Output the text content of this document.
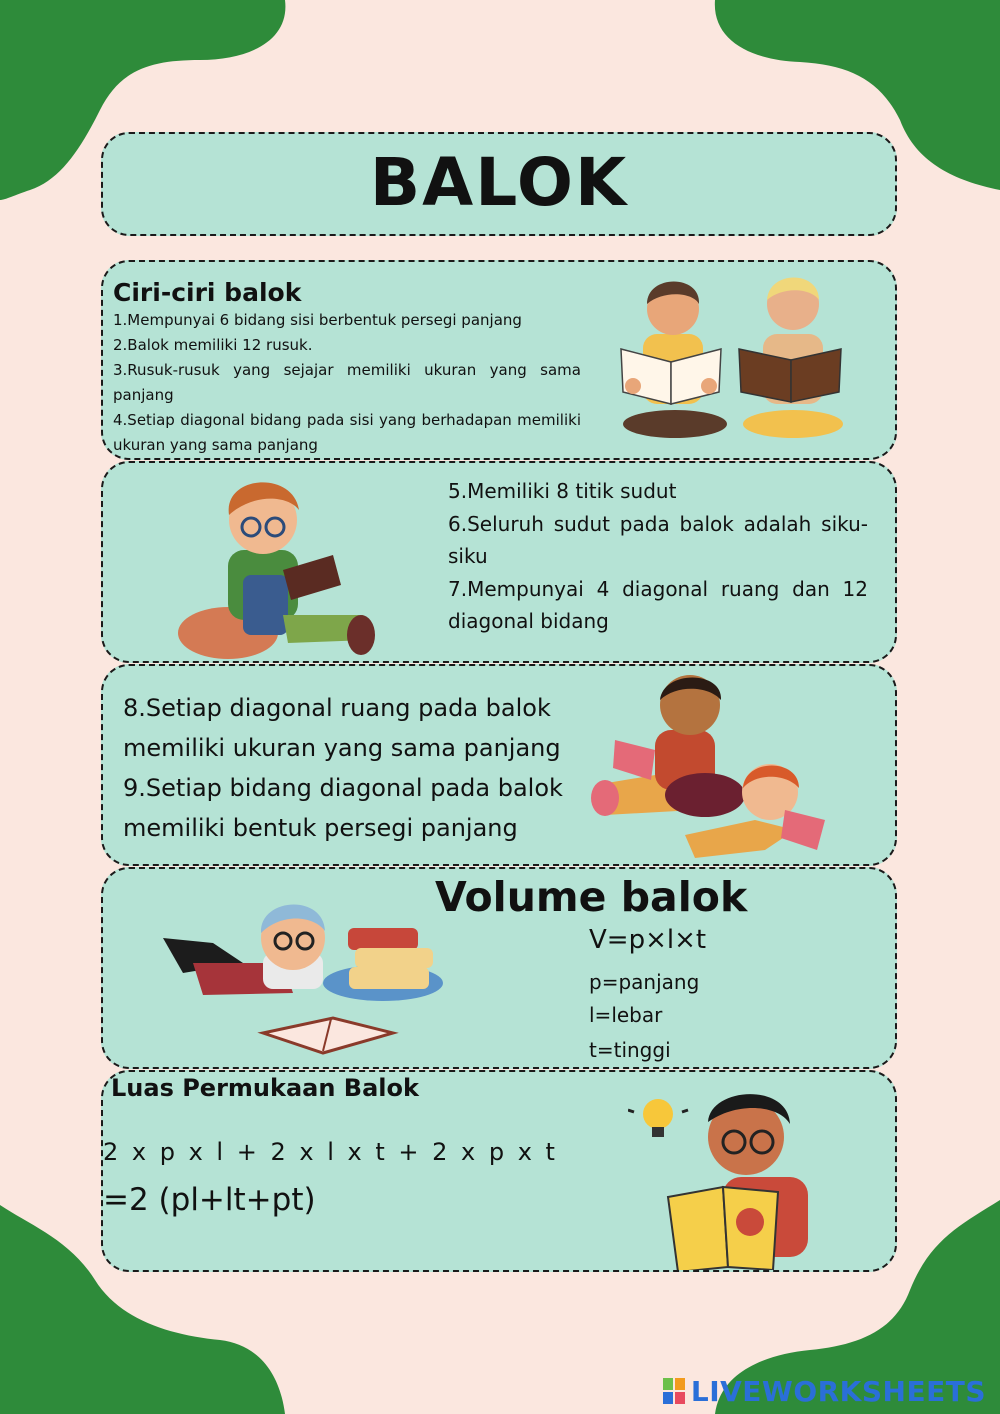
BALOK
Ciri-ciri balok

1.Mempunyai 6 bidang sisi berbentuk persegi panjang

2.Balok memiliki 12 rusuk.

3.Rusuk-rusuk yang sejajar memiliki ukuran yang sama panjang

4.Setiap diagonal bidang pada sisi yang berhadapan memiliki ukuran yang sama panjang

5.Memiliki 8 titik sudut

6.Seluruh sudut pada balok adalah siku-siku

7.Mempunyai 4 diagonal ruang dan 12 diagonal bidang

8.Setiap diagonal ruang pada balok

memiliki ukuran yang sama panjang

9.Setiap bidang diagonal pada balok

memiliki bentuk persegi panjang

Volume balok
V=p×l×t
p=panjang
l=lebar
t=tinggi
Luas Permukaan Balok
2 x p x l + 2 x l x t + 2 x p x t
=2 (pl+lt+pt)
LIVEWORKSHEETS
